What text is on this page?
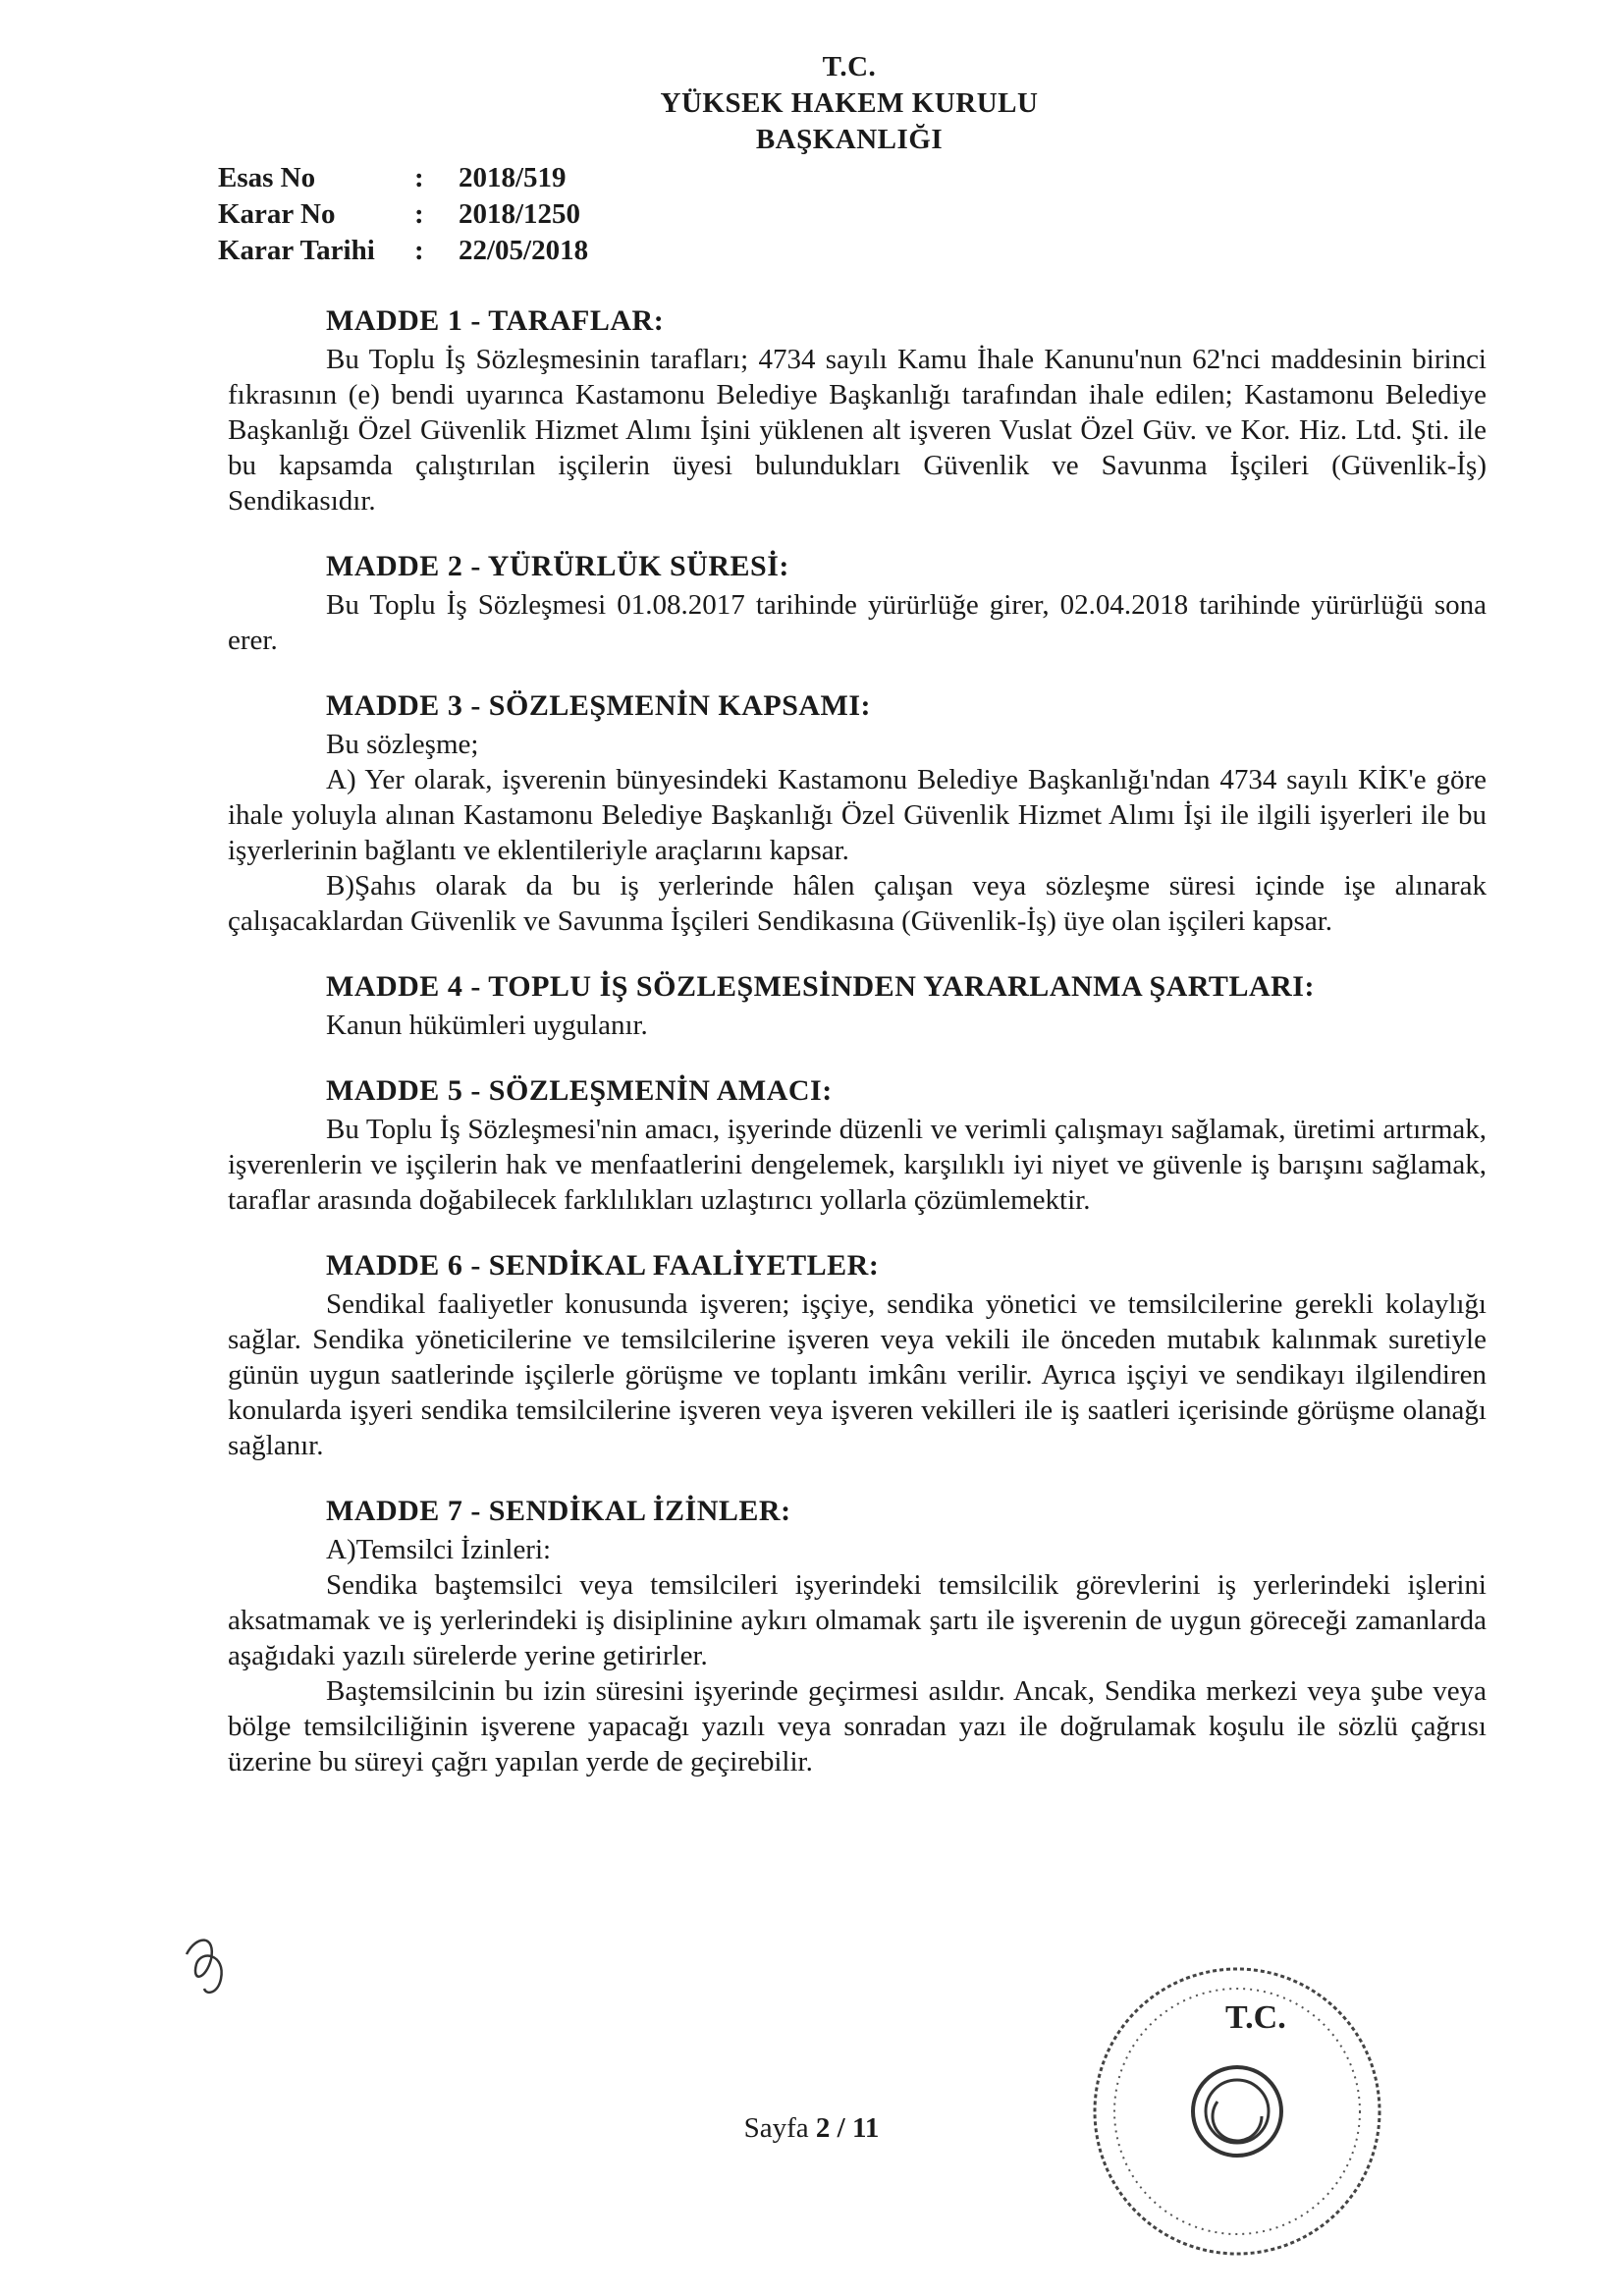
T.C.
YÜKSEK HAKEM KURULU
BAŞKANLIĞI
Esas No	:	2018/519
Karar No	:	2018/1250
Karar Tarihi	:	22/05/2018
MADDE 1 - TARAFLAR:

Bu Toplu İş Sözleşmesinin tarafları; 4734 sayılı Kamu İhale Kanunu'nun 62'nci maddesinin birinci fıkrasının (e) bendi uyarınca Kastamonu Belediye Başkanlığı tarafından ihale edilen; Kastamonu Belediye Başkanlığı Özel Güvenlik Hizmet Alımı İşini yüklenen alt işveren Vuslat Özel Güv. ve Kor. Hiz. Ltd. Şti. ile bu kapsamda çalıştırılan işçilerin üyesi bulundukları Güvenlik ve Savunma İşçileri (Güvenlik-İş) Sendikasıdır.

MADDE 2 - YÜRÜRLÜK SÜRESİ:

Bu Toplu İş Sözleşmesi 01.08.2017 tarihinde yürürlüğe girer, 02.04.2018 tarihinde yürürlüğü sona erer.

MADDE 3 - SÖZLEŞMENİN KAPSAMI:

Bu sözleşme;

A) Yer olarak, işverenin bünyesindeki Kastamonu Belediye Başkanlığı'ndan 4734 sayılı KİK'e göre ihale yoluyla alınan Kastamonu Belediye Başkanlığı Özel Güvenlik Hizmet Alımı İşi ile ilgili işyerleri ile bu işyerlerinin bağlantı ve eklentileriyle araçlarını kapsar.

B)Şahıs olarak da bu iş yerlerinde hâlen çalışan veya sözleşme süresi içinde işe alınarak çalışacaklardan Güvenlik ve Savunma İşçileri Sendikasına (Güvenlik-İş) üye olan işçileri kapsar.

MADDE 4 - TOPLU İŞ SÖZLEŞMESİNDEN YARARLANMA ŞARTLARI:

Kanun hükümleri uygulanır.

MADDE 5 - SÖZLEŞMENİN AMACI:

Bu Toplu İş Sözleşmesi'nin amacı, işyerinde düzenli ve verimli çalışmayı sağlamak, üretimi artırmak, işverenlerin ve işçilerin hak ve menfaatlerini dengelemek, karşılıklı iyi niyet ve güvenle iş barışını sağlamak, taraflar arasında doğabilecek farklılıkları uzlaştırıcı yollarla çözümlemektir.

MADDE 6 - SENDİKAL FAALİYETLER:

Sendikal faaliyetler konusunda işveren; işçiye, sendika yönetici ve temsilcilerine gerekli kolaylığı sağlar. Sendika yöneticilerine ve temsilcilerine işveren veya vekili ile önceden mutabık kalınmak suretiyle günün uygun saatlerinde işçilerle görüşme ve toplantı imkânı verilir. Ayrıca işçiyi ve sendikayı ilgilendiren konularda işyeri sendika temsilcilerine işveren veya işveren vekilleri ile iş saatleri içerisinde görüşme olanağı sağlanır.

MADDE 7 - SENDİKAL İZİNLER:

A)Temsilci İzinleri:

Sendika baştemsilci veya temsilcileri işyerindeki temsilcilik görevlerini iş yerlerindeki işlerini aksatmamak ve iş yerlerindeki iş disiplinine aykırı olmamak şartı ile işverenin de uygun göreceği zamanlarda aşağıdaki yazılı sürelerde yerine getirirler.

Baştemsilcinin bu izin süresini işyerinde geçirmesi asıldır. Ancak, Sendika merkezi veya şube veya bölge temsilciliğinin işverene yapacağı yazılı veya sonradan yazı ile doğrulamak koşulu ile sözlü çağrısı üzerine bu süreyi çağrı yapılan yerde de geçirebilir.

T.C.
Sayfa 2 / 11
